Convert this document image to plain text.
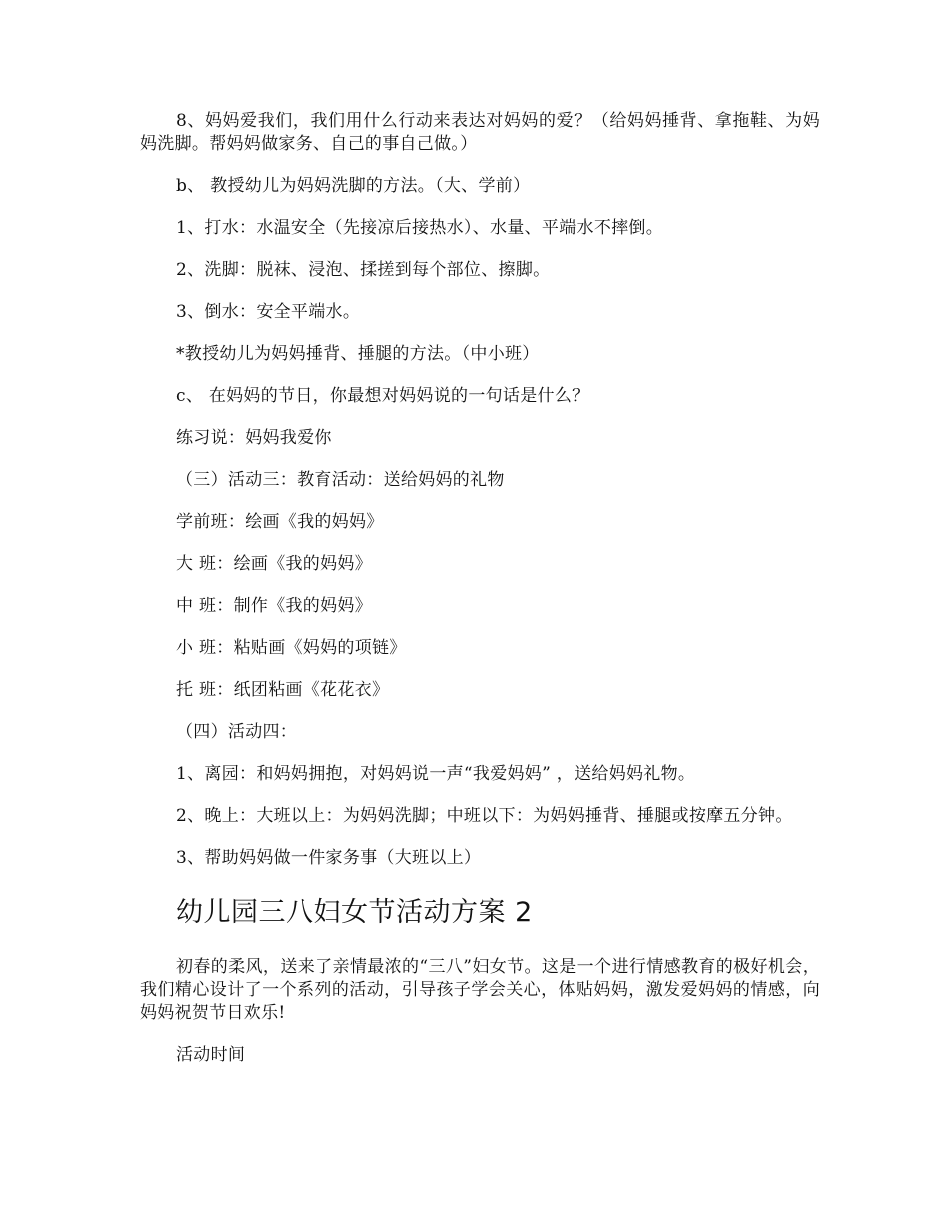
8、妈妈爱我们，我们用什么行动来表达对妈妈的爱？（给妈妈捶背、拿拖鞋、为妈妈洗脚。帮妈妈做家务、自己的事自己做。）

b、 教授幼儿为妈妈洗脚的方法。（大、学前）

1、打水：水温安全（先接凉后接热水）、水量、平端水不摔倒。

2、洗脚：脱袜、浸泡、揉搓到每个部位、擦脚。

3、倒水：安全平端水。

*教授幼儿为妈妈捶背、捶腿的方法。（中小班）

c、 在妈妈的节日，你最想对妈妈说的一句话是什么？

练习说：妈妈我爱你

（三）活动三：教育活动：送给妈妈的礼物

学前班：绘画《我的妈妈》

大 班：绘画《我的妈妈》

中 班：制作《我的妈妈》

小 班：粘贴画《妈妈的项链》

托 班：纸团粘画《花花衣》

（四）活动四：

1、离园：和妈妈拥抱，对妈妈说一声“我爱妈妈” ，送给妈妈礼物。

2、晚上：大班以上：为妈妈洗脚；中班以下：为妈妈捶背、捶腿或按摩五分钟。

3、帮助妈妈做一件家务事（大班以上）

幼儿园三八妇女节活动方案 2

初春的柔风，送来了亲情最浓的“三八”妇女节。这是一个进行情感教育的极好机会，我们精心设计了一个系列的活动，引导孩子学会关心，体贴妈妈，激发爱妈妈的情感，向妈妈祝贺节日欢乐!

活动时间
